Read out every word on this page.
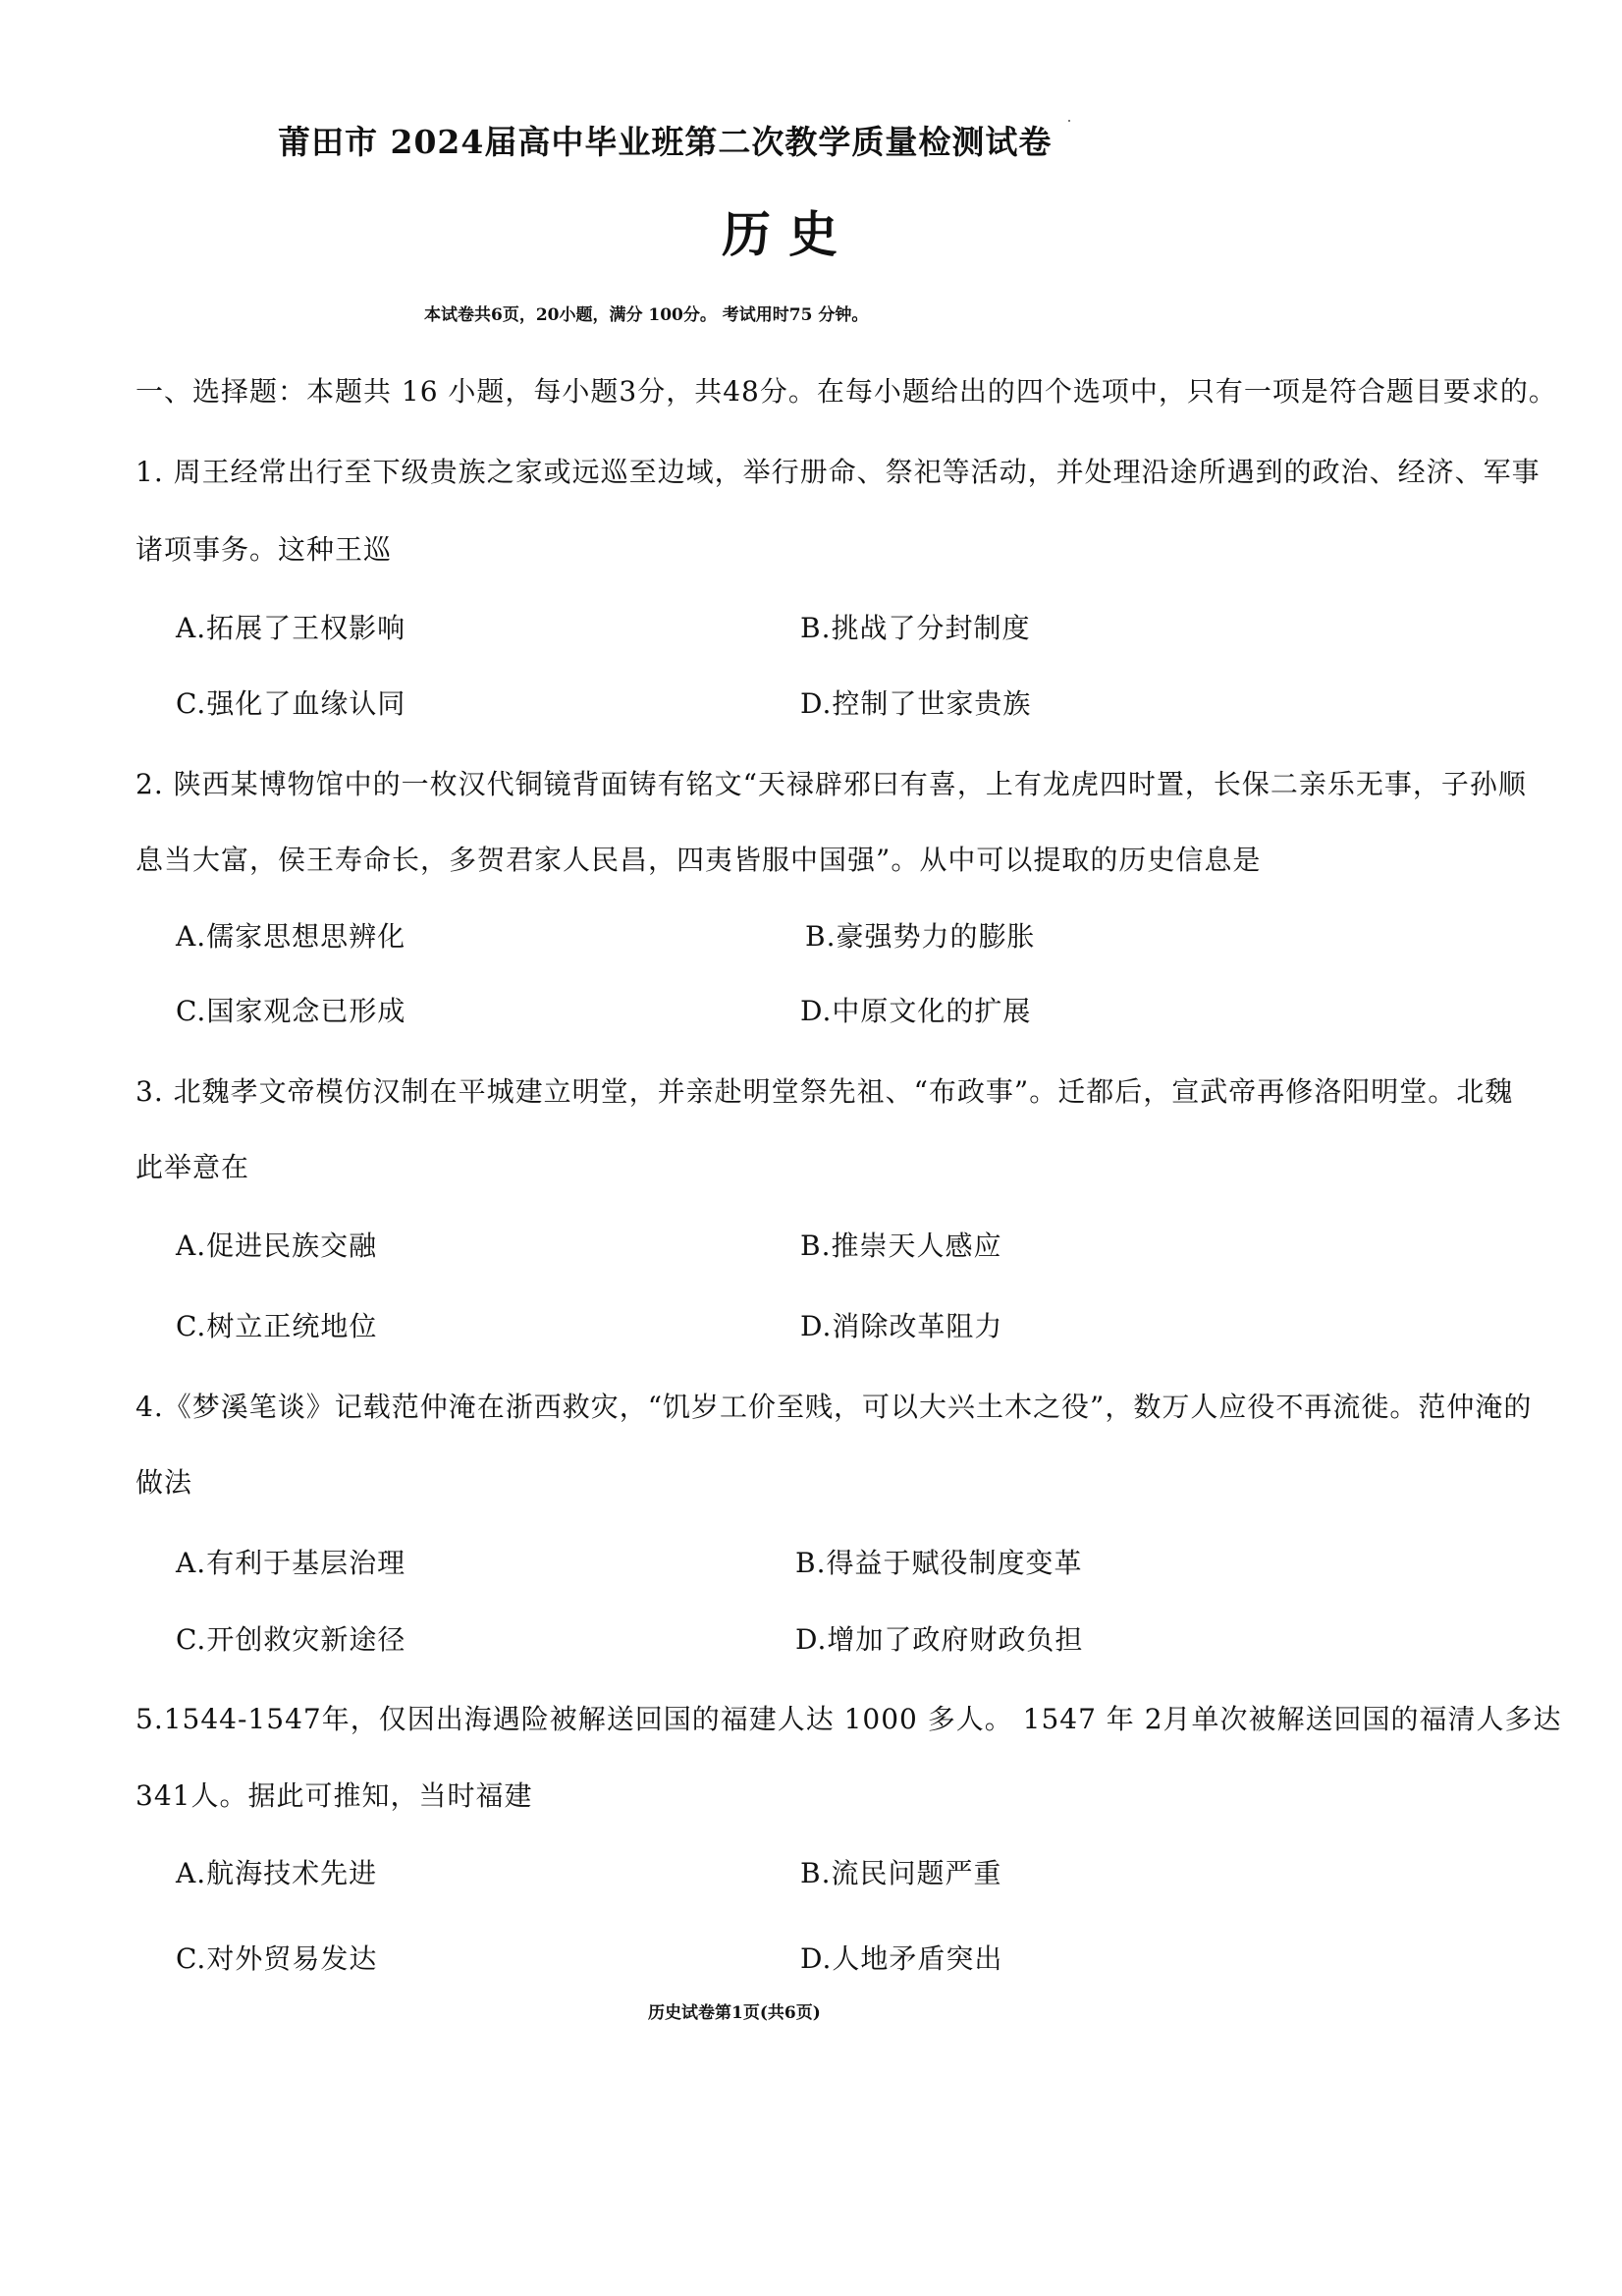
莆田市 2024届高中毕业班第二次教学质量检测试卷
历史
本试卷共6页，20小题，满分 100分。 考试用时75 分钟。
一、选择题：本题共 16 小题，每小题3分，共48分。在每小题给出的四个选项中，只有一项是符合题目要求的。
1. 周王经常出行至下级贵族之家或远巡至边域，举行册命、祭祀等活动，并处理沿途所遇到的政治、经济、军事
诸项事务。这种王巡
A.拓展了王权影响	B.挑战了分封制度
C.强化了血缘认同	D.控制了世家贵族
2. 陕西某博物馆中的一枚汉代铜镜背面铸有铭文“天禄辟邪曰有喜，上有龙虎四时置，长保二亲乐无事，子孙顺
息当大富，侯王寿命长，多贺君家人民昌，四夷皆服中国强”。从中可以提取的历史信息是
A.儒家思想思辨化	B.豪强势力的膨胀
C.国家观念已形成	D.中原文化的扩展
3. 北魏孝文帝模仿汉制在平城建立明堂，并亲赴明堂祭先祖、“布政事”。迁都后，宣武帝再修洛阳明堂。北魏
此举意在
A.促进民族交融	B.推崇天人感应
C.树立正统地位	D.消除改革阻力
4.《梦溪笔谈》记载范仲淹在浙西救灾，“饥岁工价至贱，可以大兴土木之役”，数万人应役不再流徙。范仲淹的
做法
A.有利于基层治理	B.得益于赋役制度变革
C.开创救灾新途径	D.增加了政府财政负担
5.1544-1547年，仅因出海遇险被解送回国的福建人达 1000 多人。 1547 年 2月单次被解送回国的福清人多达
341人。据此可推知，当时福建
A.航海技术先进	B.流民问题严重
C.对外贸易发达	D.人地矛盾突出
历史试卷第1页(共6页)
